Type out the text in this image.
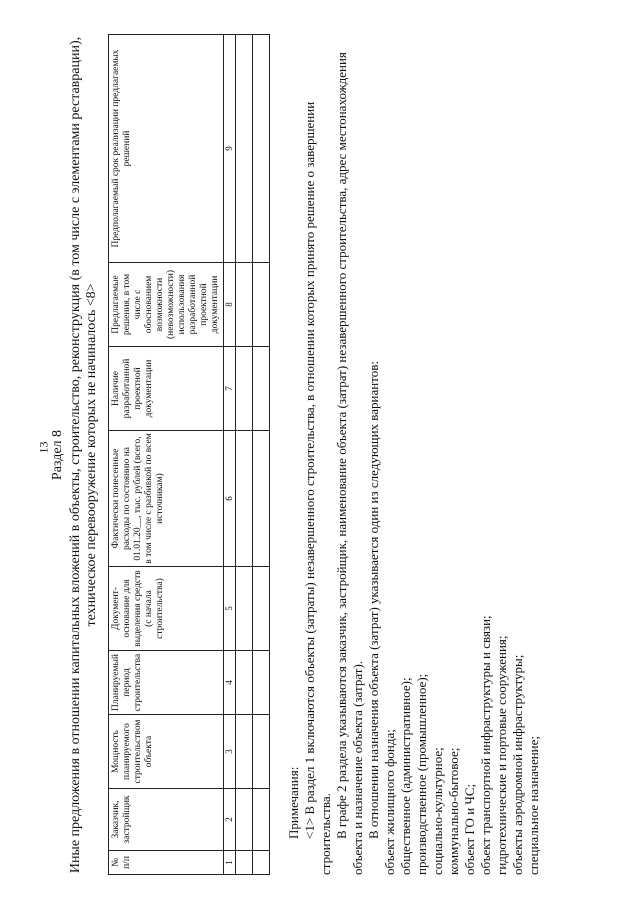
13 Раздел 8 Иные предложения в отношении капитальных вложений в объекты, строительство, реконструкция (в том числе с элементами реставрации), техническое перевооружение которых не начиналось <8>
№ п/п	Заказчик, застройщик	Мощность планируемого строительством объекта	Планируемый период строительства	Документ-основание для выделения средств (с начала строительства)	Фактически понесенные расходы по состоянию на 01.01.20__, тыс. рублей (всего, в том числе с разбивкой по всем источникам)	Наличие разработанной проектной документации	Предлагаемые решения, в том числе с обоснованием возможности (невозможности) использования разработанной проектной документации	Предполагаемый срок реализации предлагаемых решений
1	2	3	4	5	6	7	8	9

Примечания: <1> В раздел 1 включаются объекты (затраты) незавершенного строительства, в отношении которых принято решение о завершении строительства. В графе 2 раздела указываются заказчик, застройщик, наименование объекта (затрат) незавершенного строительства, адрес местонахождения объекта и назначение объекта (затрат). В отношении назначения объекта (затрат) указывается один из следующих вариантов: объект жилищного фонда; общественное (административное); производственное (промышленное); социально-культурное; коммунально-бытовое; объект ГО и ЧС; объект транспортной инфраструктуры и связи; гидротехнические и портовые сооружения; объекты аэродромной инфраструктуры; специальное назначение;
